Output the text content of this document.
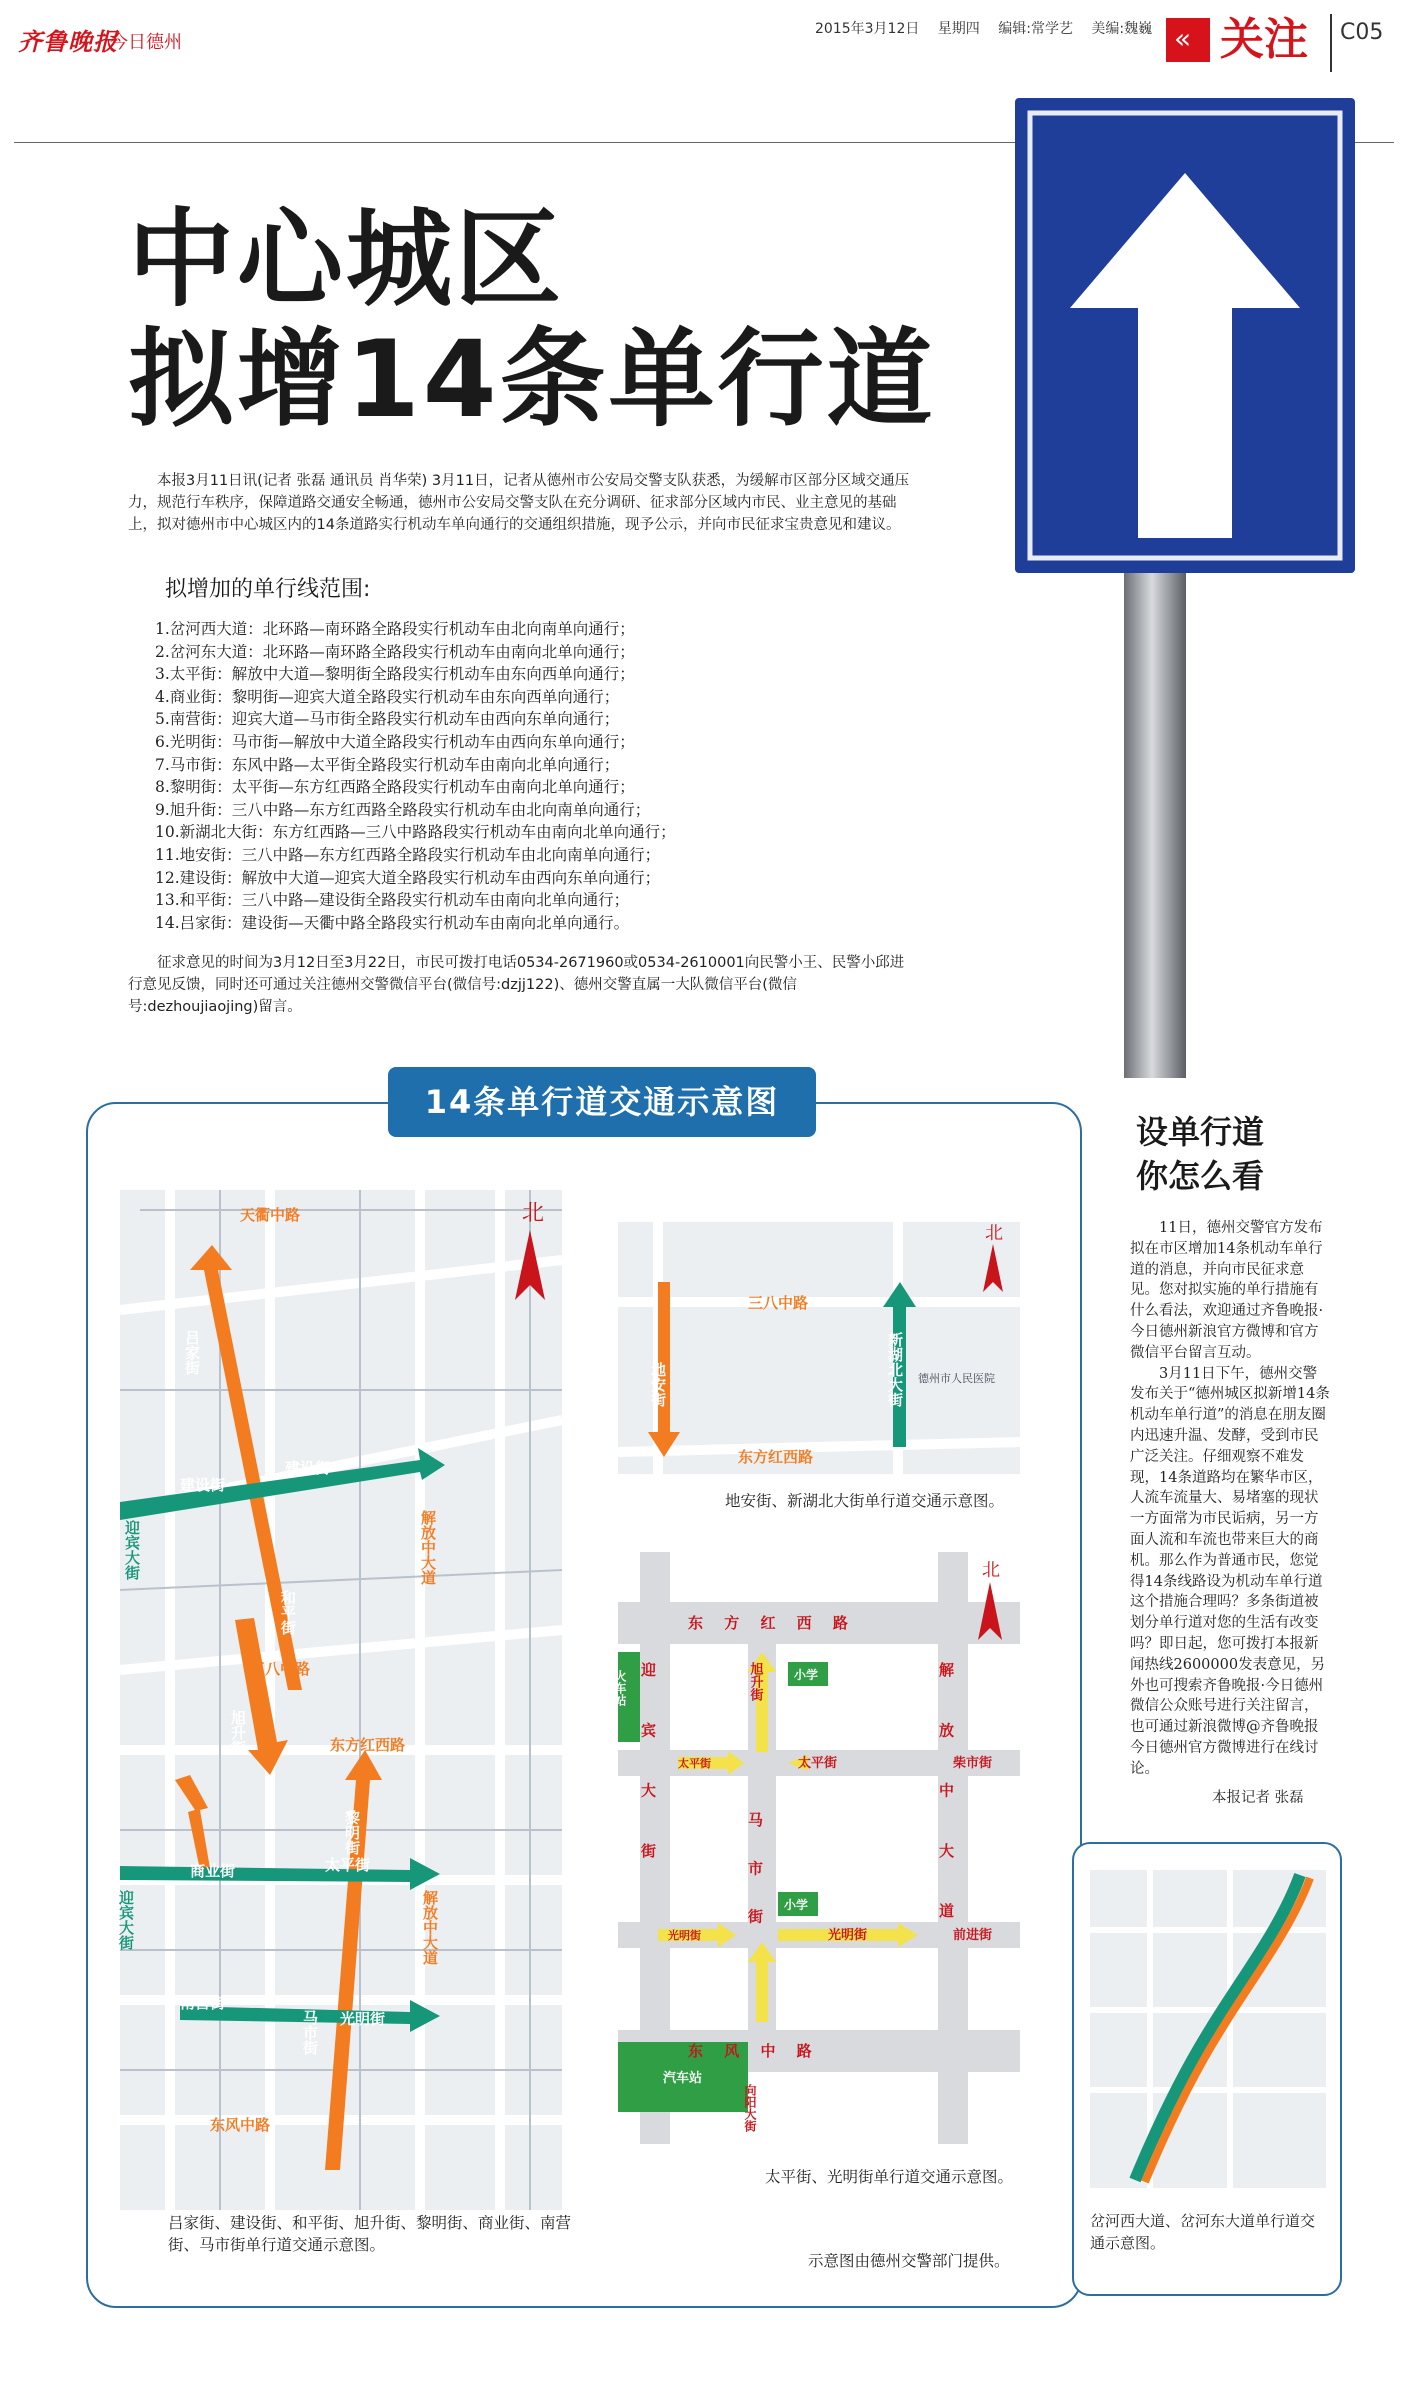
齐鲁晚报
今日德州
2015年3月12日 星期四 编辑:常学艺 美编:魏巍 « 关注 C05
中心城区
拟增14条单行道
本报3月11日讯(记者 张磊 通讯员 肖华荣) 3月11日，记者从德州市公安局交警支队获悉，为缓解市区部分区域交通压力，规范行车秩序，保障道路交通安全畅通，德州市公安局交警支队在充分调研、征求部分区域内市民、业主意见的基础上，拟对德州市中心城区内的14条道路实行机动车单向通行的交通组织措施，现予公示，并向市民征求宝贵意见和建议。
拟增加的单行线范围:
1.岔河西大道：北环路—南环路全路段实行机动车由北向南单向通行；
2.岔河东大道：北环路—南环路全路段实行机动车由南向北单向通行；
3.太平街：解放中大道—黎明街全路段实行机动车由东向西单向通行；
4.商业街：黎明街—迎宾大道全路段实行机动车由东向西单向通行；
5.南营街：迎宾大道—马市街全路段实行机动车由西向东单向通行；
6.光明街：马市街—解放中大道全路段实行机动车由西向东单向通行；
7.马市街：东风中路—太平街全路段实行机动车由南向北单向通行；
8.黎明街：太平街—东方红西路全路段实行机动车由南向北单向通行；
9.旭升街：三八中路—东方红西路全路段实行机动车由北向南单向通行；
10.新湖北大街：东方红西路—三八中路路段实行机动车由南向北单向通行；
11.地安街：三八中路—东方红西路全路段实行机动车由北向南单向通行；
12.建设街：解放中大道—迎宾大道全路段实行机动车由西向东单向通行；
13.和平街：三八中路—建设街全路段实行机动车由南向北单向通行；
14.吕家街：建设街—天衢中路全路段实行机动车由南向北单向通行。
征求意见的时间为3月12日至3月22日，市民可拨打电话0534-2671960或0534-2610001向民警小王、民警小邱进行意见反馈，同时还可通过关注德州交警微信平台(微信号:dzjj122)、德州交警直属一大队微信平台(微信号:dezhoujiaojing)留言。
14条单行道交通示意图
北
天衢中路
吕家街
建设街
建设街
解放中大道
迎宾大街
和平街
三八中路
旭升街	东方红西路
黎明街
商业街	太平街
迎宾大街	解放中大道
南营街
光明街
马市街
东风中路
北
三八中路
地安街	新湖北大街
东方红西路
德州市人民医院
北
东 方 红 西 路
东 风 中 路
迎 宾 大 街	解 放 中 大 道
马 市 街
柴市街
前进街
太平街
光明街
太平街
光明街
旭升街
向阳大街
火车站
汽车站
小学
小学
吕家街、建设街、和平街、旭升街、黎明街、商业街、南营街、马市街单行道交通示意图。
地安街、新湖北大街单行道交通示意图。
太平街、光明街单行道交通示意图。
示意图由德州交警部门提供。
设单行道
你怎么看

11日，德州交警官方发布拟在市区增加14条机动车单行道的消息，并向市民征求意见。您对拟实施的单行措施有什么看法，欢迎通过齐鲁晚报·今日德州新浪官方微博和官方微信平台留言互动。

3月11日下午，德州交警发布关于“德州城区拟新增14条机动车单行道”的消息在朋友圈内迅速升温、发酵，受到市民广泛关注。仔细观察不难发现，14条道路均在繁华市区，人流车流量大、易堵塞的现状一方面常为市民诟病，另一方面人流和车流也带来巨大的商机。那么作为普通市民，您觉得14条线路设为机动车单行道这个措施合理吗？多条街道被划分单行道对您的生活有改变吗？即日起，您可拨打本报新闻热线2600000发表意见，另外也可搜索齐鲁晚报·今日德州微信公众账号进行关注留言，也可通过新浪微博@齐鲁晚报今日德州官方微博进行在线讨论。

本报记者 张磊
岔河西大道、岔河东大道单行道交通示意图。
